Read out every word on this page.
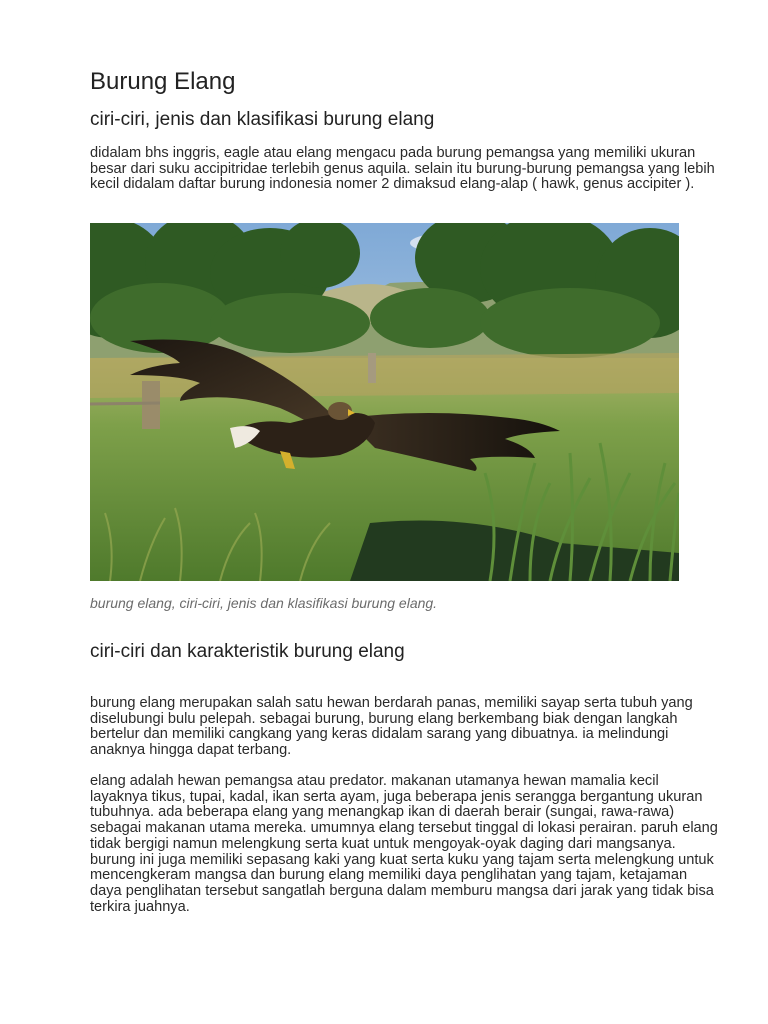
Burung Elang
ciri-ciri, jenis dan klasifikasi burung elang

didalam bhs inggris, eagle atau elang mengacu pada burung pemangsa yang memiliki ukuran besar dari suku accipitridae terlebih genus aquila. selain itu burung-burung pemangsa yang lebih kecil didalam daftar burung indonesia nomer 2 dimaksud elang-alap ( hawk, genus accipiter ).

burung elang, ciri-ciri, jenis dan klasifikasi burung elang.

ciri-ciri dan karakteristik burung elang

burung elang merupakan salah satu hewan berdarah panas, memiliki sayap serta tubuh yang diselubungi bulu pelepah. sebagai burung, burung elang berkembang biak dengan langkah bertelur dan memiliki cangkang yang keras didalam sarang yang dibuatnya. ia melindungi anaknya hingga dapat terbang.

elang adalah hewan pemangsa atau predator. makanan utamanya hewan mamalia kecil layaknya tikus, tupai, kadal, ikan serta ayam, juga beberapa jenis serangga bergantung ukuran tubuhnya. ada beberapa elang yang menangkap ikan di daerah berair (sungai, rawa-rawa) sebagai makanan utama mereka. umumnya elang tersebut tinggal di lokasi perairan. paruh elang tidak bergigi namun melengkung serta kuat untuk mengoyak-oyak daging dari mangsanya. burung ini juga memiliki sepasang kaki yang kuat serta kuku yang tajam serta melengkung untuk mencengkeram mangsa dan burung elang memiliki daya penglihatan yang tajam, ketajaman daya penglihatan tersebut sangatlah berguna dalam memburu mangsa dari jarak yang tidak bisa terkira juahnya.
